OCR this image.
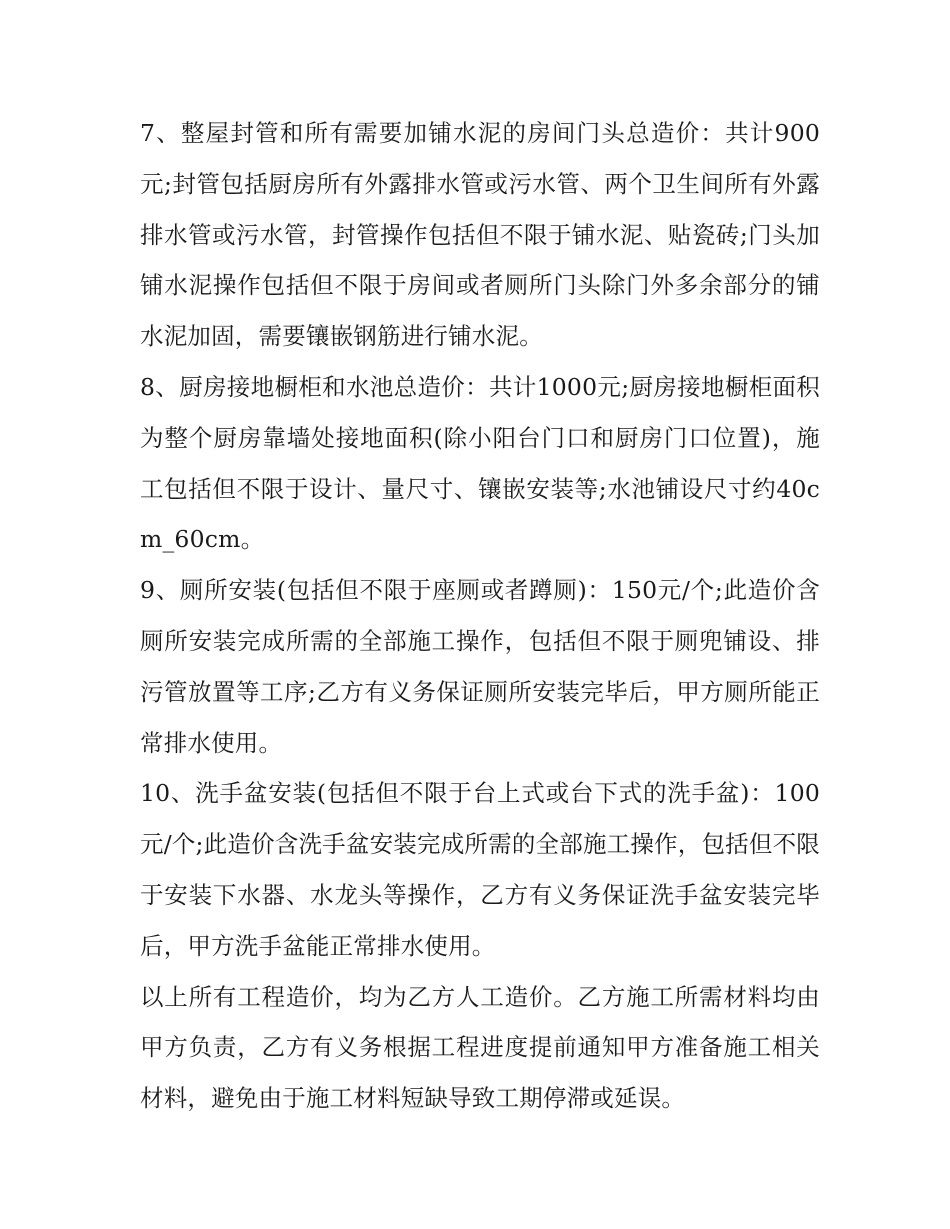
7、整屋封管和所有需要加铺水泥的房间门头总造价：共计900元;封管包括厨房所有外露排水管或污水管、两个卫生间所有外露排水管或污水管，封管操作包括但不限于铺水泥、贴瓷砖;门头加铺水泥操作包括但不限于房间或者厕所门头除门外多余部分的铺水泥加固，需要镶嵌钢筋进行铺水泥。

8、厨房接地橱柜和水池总造价：共计1000元;厨房接地橱柜面积为整个厨房靠墙处接地面积(除小阳台门口和厨房门口位置)，施工包括但不限于设计、量尺寸、镶嵌安装等;水池铺设尺寸约40cm_60cm。

9、厕所安装(包括但不限于座厕或者蹲厕)：150元/个;此造价含厕所安装完成所需的全部施工操作，包括但不限于厕兜铺设、排污管放置等工序;乙方有义务保证厕所安装完毕后，甲方厕所能正常排水使用。

10、洗手盆安装(包括但不限于台上式或台下式的洗手盆)：100元/个;此造价含洗手盆安装完成所需的全部施工操作，包括但不限于安装下水器、水龙头等操作，乙方有义务保证洗手盆安装完毕后，甲方洗手盆能正常排水使用。

以上所有工程造价，均为乙方人工造价。乙方施工所需材料均由甲方负责，乙方有义务根据工程进度提前通知甲方准备施工相关材料，避免由于施工材料短缺导致工期停滞或延误。
